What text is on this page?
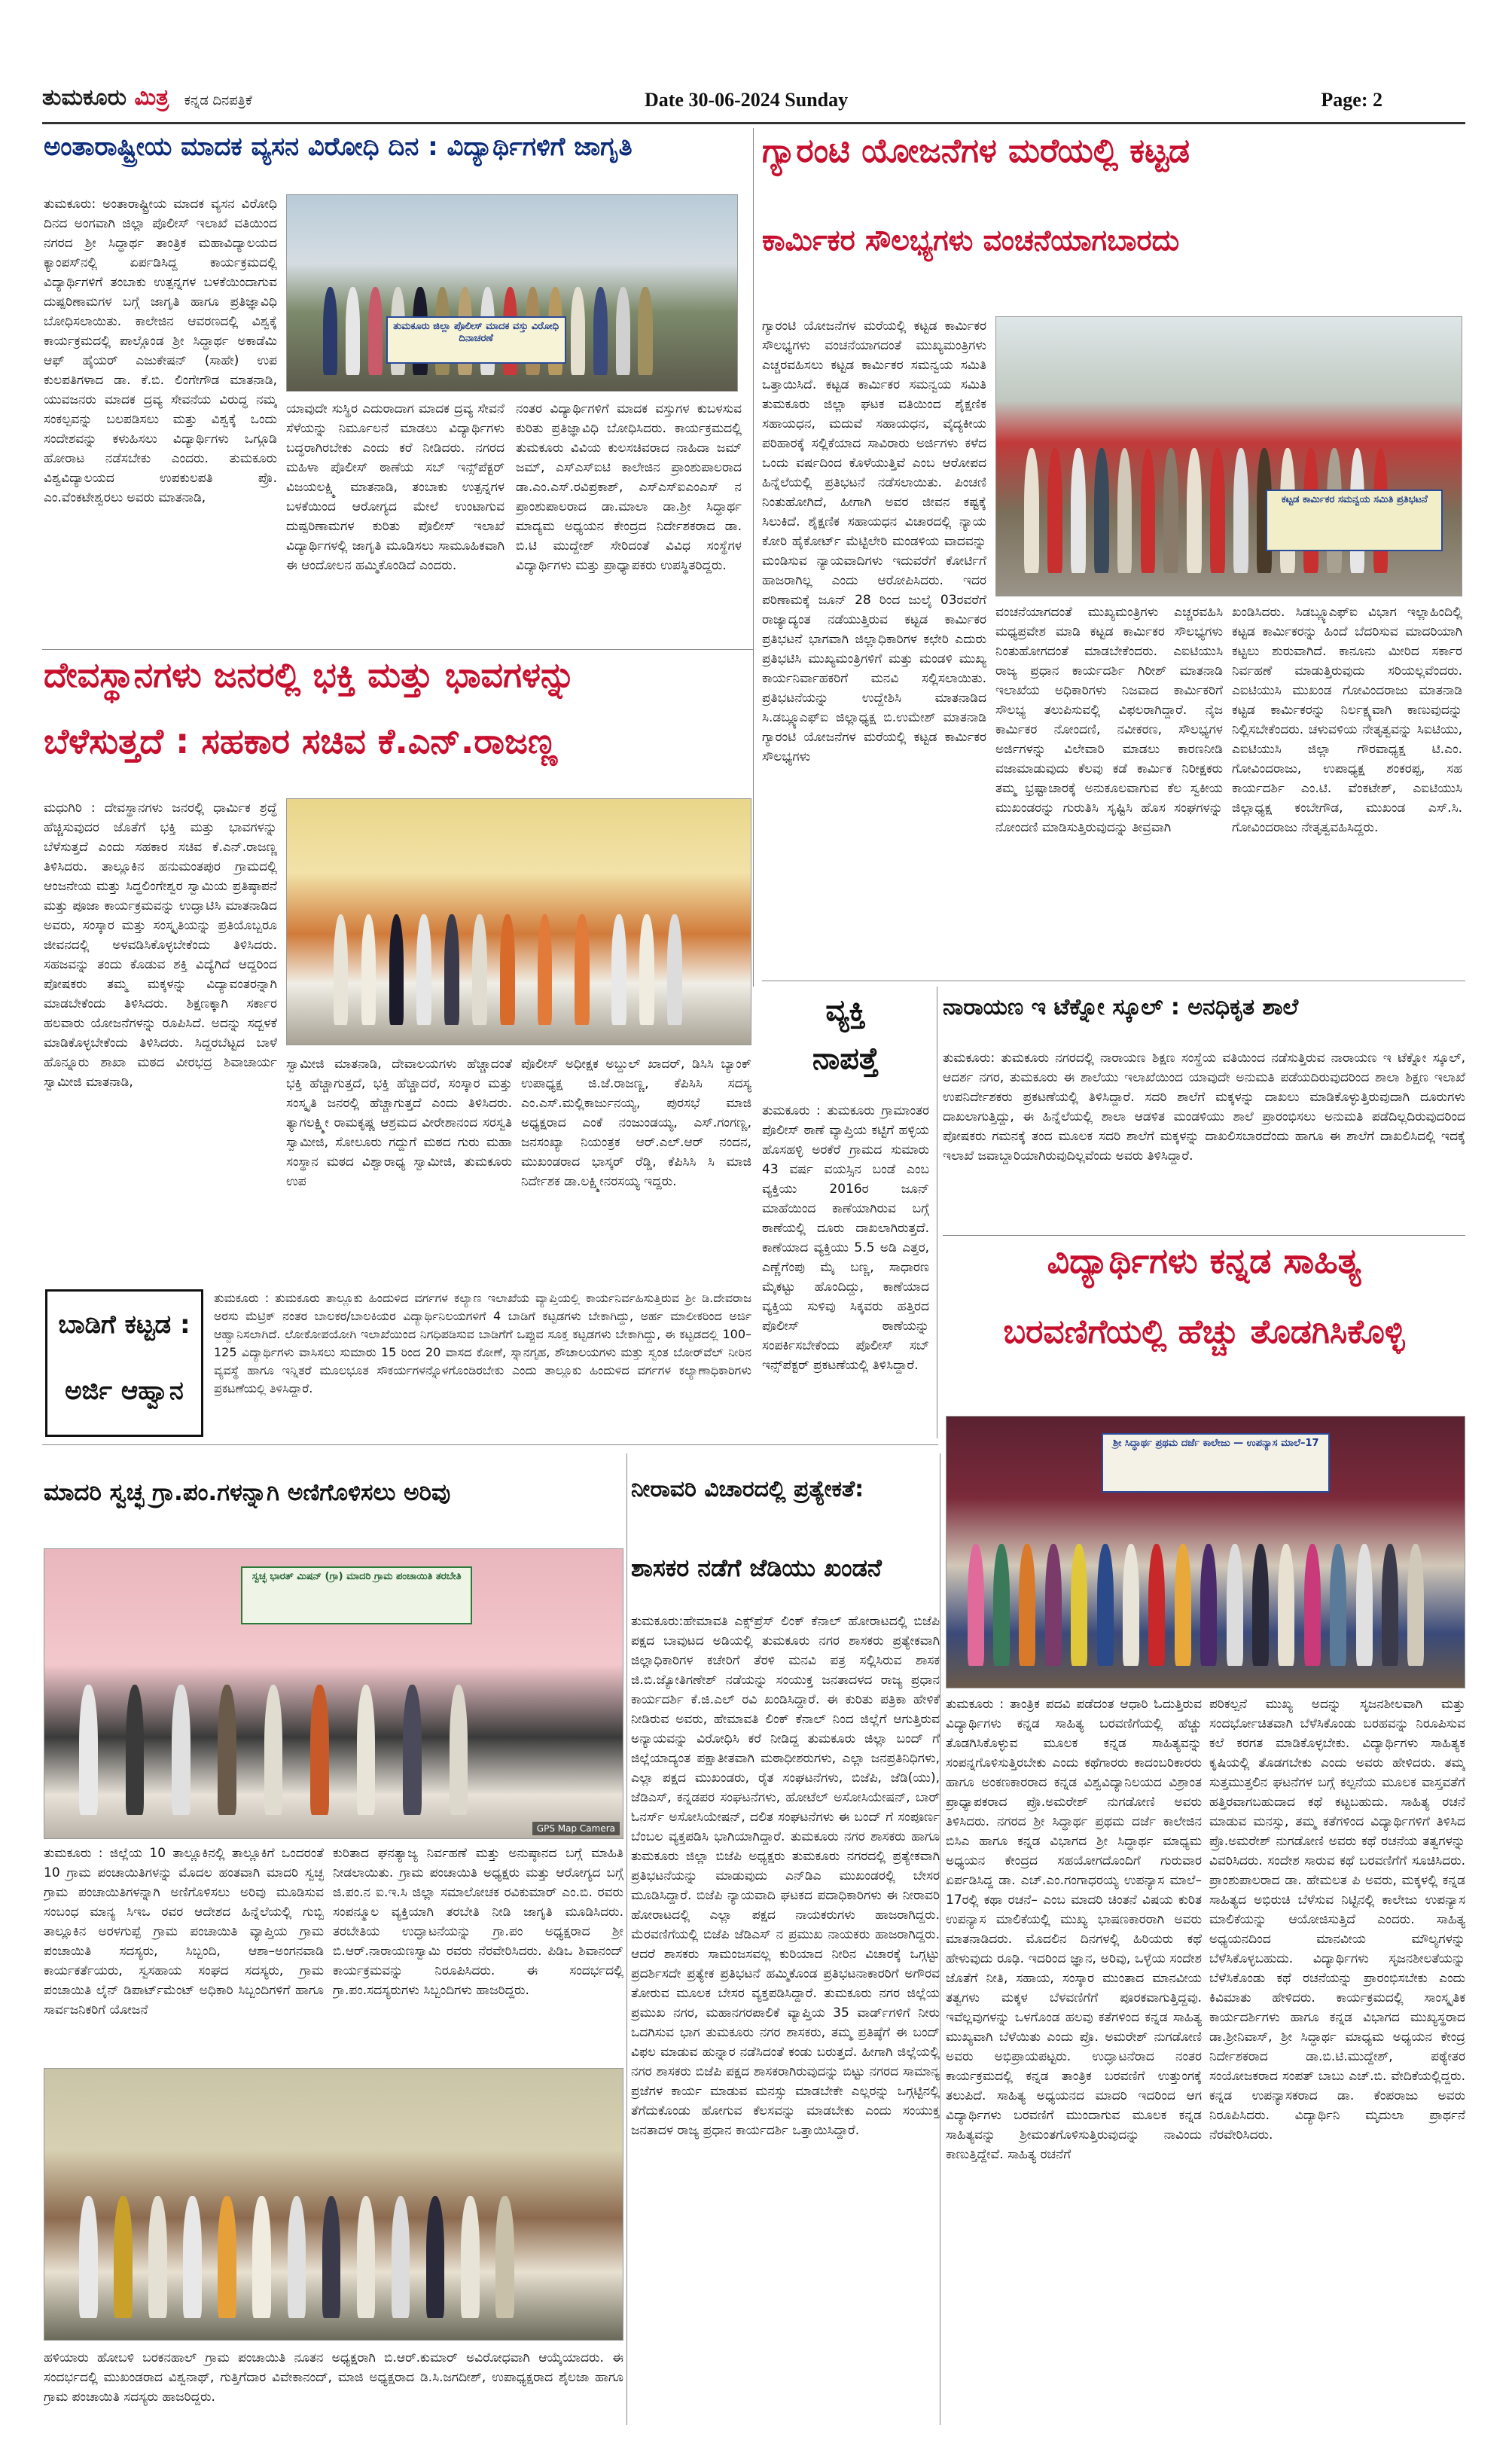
ತುಮಕೂರು ಮಿತ್ರ ಕನ್ನಡ ದಿನಪತ್ರಿಕೆ	Date 30-06-2024 Sunday	Page: 2
ಅಂತಾರಾಷ್ಟ್ರೀಯ ಮಾದಕ ವ್ಯಸನ ವಿರೋಧಿ ದಿನ : ವಿದ್ಯಾರ್ಥಿಗಳಿಗೆ ಜಾಗೃತಿ
ತುಮಕೂರು: ಅಂತಾರಾಷ್ಟ್ರೀಯ ಮಾದಕ ವ್ಯಸನ ವಿರೋಧಿ ದಿನದ ಅಂಗವಾಗಿ ಜಿಲ್ಲಾ ಪೊಲೀಸ್ ಇಲಾಖೆ ವತಿಯಿಂದ ನಗರದ ಶ್ರೀ ಸಿದ್ಧಾರ್ಥ ತಾಂತ್ರಿಕ ಮಹಾವಿದ್ಯಾಲಯದ ಕ್ಯಾಂಪಸ್‌ನಲ್ಲಿ ಏರ್ಪಡಿಸಿದ್ದ ಕಾರ್ಯಕ್ರಮದಲ್ಲಿ ವಿದ್ಯಾರ್ಥಿಗಳಿಗೆ ತಂಬಾಕು ಉತ್ಪನ್ನಗಳ ಬಳಕೆಯಿಂದಾಗುವ ದುಷ್ಪರಿಣಾಮಗಳ ಬಗ್ಗೆ ಜಾಗೃತಿ ಹಾಗೂ ಪ್ರತಿಜ್ಞಾವಿಧಿ ಬೋಧಿಸಲಾಯಿತು. ಕಾಲೇಜಿನ ಆವರಣದಲ್ಲಿ ವಿಶ್ವಕ್ಕೆ ಕಾರ್ಯಕ್ರಮದಲ್ಲಿ ಪಾಲ್ಗೊಂಡ ಶ್ರೀ ಸಿದ್ಧಾರ್ಥ ಅಕಾಡೆಮಿ ಆಫ್ ಹೈಯರ್ ಎಜುಕೇಷನ್ (ಸಾಹೇ) ಉಪ ಕುಲಪತಿಗಳಾದ ಡಾ. ಕೆ.ಬಿ. ಲಿಂಗೇಗೌಡ ಮಾತನಾಡಿ, ಯುವಜನರು ಮಾದಕ ದ್ರವ್ಯ ಸೇವನೆಯ ವಿರುದ್ಧ ನಮ್ಮ ಸಂಕಲ್ಪವನ್ನು ಬಲಪಡಿಸಲು ಮತ್ತು ವಿಶ್ವಕ್ಕೆ ಒಂದು ಸಂದೇಶವನ್ನು ಕಳುಹಿಸಲು ವಿದ್ಯಾರ್ಥಿಗಳು ಒಗ್ಗೂಡಿ ಹೋರಾಟ ನಡೆಸಬೇಕು ಎಂದರು. ತುಮಕೂರು ವಿಶ್ವವಿದ್ಯಾಲಯದ ಉಪಕುಲಪತಿ ಪ್ರೊ. ಎಂ.ವೆಂಕಟೇಶ್ವರಲು ಅವರು ಮಾತನಾಡಿ,
ತುಮಕೂರು ಜಿಲ್ಲಾ ಪೊಲೀಸ್ ಮಾದಕ ವಸ್ತು ವಿರೋಧಿ ದಿನಾಚರಣೆ
ಯಾವುದೇ ಸುಸ್ಥಿರ ಎದುರಾದಾಗ ಮಾದಕ ದ್ರವ್ಯ ಸೇವನೆ ಸೆಳೆಯನ್ನು ನಿರ್ಮೂಲನೆ ಮಾಡಲು ವಿದ್ಯಾರ್ಥಿಗಳು ಬದ್ಧರಾಗಿರಬೇಕು ಎಂದು ಕರೆ ನೀಡಿದರು. ನಗರದ ಮಹಿಳಾ ಪೊಲೀಸ್ ಠಾಣೆಯ ಸಬ್ ಇನ್ಸ್‌ಪೆಕ್ಟರ್ ವಿಜಯಲಕ್ಷ್ಮಿ ಮಾತನಾಡಿ, ತಂಬಾಕು ಉತ್ಪನ್ನಗಳ ಬಳಕೆಯಿಂದ ಆರೋಗ್ಯದ ಮೇಲೆ ಉಂಟಾಗುವ ದುಷ್ಪರಿಣಾಮಗಳ ಕುರಿತು ಪೊಲೀಸ್ ಇಲಾಖೆ ವಿದ್ಯಾರ್ಥಿಗಳಲ್ಲಿ ಜಾಗೃತಿ ಮೂಡಿಸಲು ಸಾಮೂಹಿಕವಾಗಿ ಈ ಆಂದೋಲನ ಹಮ್ಮಿಕೊಂಡಿದೆ ಎಂದರು.
ನಂತರ ವಿದ್ಯಾರ್ಥಿಗಳಿಗೆ ಮಾದಕ ವಸ್ತುಗಳ ಕುಬಳಸುವ ಕುರಿತು ಪ್ರತಿಜ್ಞಾವಿಧಿ ಬೋಧಿಸಿದರು. ಕಾರ್ಯಕ್ರಮದಲ್ಲಿ ತುಮಕೂರು ವಿವಿಯ ಕುಲಸಚಿವರಾದ ನಾಹಿದಾ ಜಮ್ ಜಮ್, ಎಸ್‌ಎಸ್‌ಐಟಿ ಕಾಲೇಜಿನ ಪ್ರಾಂಶುಪಾಲರಾದ ಡಾ.ಎಂ.ಎಸ್.ರವಿಪ್ರಕಾಶ್, ಎಸ್‌ಎಸ್‌ಐಎಂಎಸ್ ನ ಪ್ರಾಂಶುಪಾಲರಾದ ಡಾ.ಮಾಲಾ ಡಾ.ಶ್ರೀ ಸಿದ್ಧಾರ್ಥ ಮಾದ್ಯಮ ಅಧ್ಯಯನ ಕೇಂದ್ರದ ನಿರ್ದೇಶಕರಾದ ಡಾ. ಬಿ.ಟಿ ಮುದ್ದೇಶ್ ಸೇರಿದಂತೆ ವಿವಿಧ ಸಂಸ್ಥೆಗಳ ವಿದ್ಯಾರ್ಥಿಗಳು ಮತ್ತು ಪ್ರಾಧ್ಯಾಪಕರು ಉಪಸ್ಥಿತರಿದ್ದರು.
ಗ್ಯಾರಂಟಿ ಯೋಜನೆಗಳ ಮರೆಯಲ್ಲಿ ಕಟ್ಟಡ
ಕಾರ್ಮಿಕರ ಸೌಲಭ್ಯಗಳು ವಂಚನೆಯಾಗಬಾರದು
ಗ್ಯಾರಂಟಿ ಯೋಜನೆಗಳ ಮರೆಯಲ್ಲಿ ಕಟ್ಟಡ ಕಾರ್ಮಿಕರ ಸೌಲಭ್ಯಗಳು ವಂಚನೆಯಾಗದಂತೆ ಮುಖ್ಯಮಂತ್ರಿಗಳು ಎಚ್ಚರವಹಿಸಲು ಕಟ್ಟಡ ಕಾರ್ಮಿಕರ ಸಮನ್ವಯ ಸಮಿತಿ ಒತ್ತಾಯಿಸಿದೆ. ಕಟ್ಟಡ ಕಾರ್ಮಿಕರ ಸಮನ್ವಯ ಸಮಿತಿ ತುಮಕೂರು ಜಿಲ್ಲಾ ಘಟಕ ವತಿಯಿಂದ ಶೈಕ್ಷಣಿಕ ಸಹಾಯಧನ, ಮದುವೆ ಸಹಾಯಧನ, ವೈದ್ಯಕೀಯ ಪರಿಹಾರಕ್ಕೆ ಸಲ್ಲಿಕೆಯಾದ ಸಾವಿರಾರು ಅರ್ಜಿಗಳು ಕಳೆದ ಒಂದು ವರ್ಷದಿಂದ ಕೊಳೆಯುತ್ತಿವೆ ಎಂಬ ಆರೋಪದ ಹಿನ್ನೆಲೆಯಲ್ಲಿ ಪ್ರತಿಭಟನೆ ನಡೆಸಲಾಯಿತು. ಪಿಂಚಣಿ ನಿಂತುಹೋಗಿದೆ, ಹೀಗಾಗಿ ಅವರ ಜೀವನ ಕಷ್ಟಕ್ಕೆ ಸಿಲುಕಿದೆ. ಶೈಕ್ಷಣಿಕ ಸಹಾಯಧನ ವಿಚಾರದಲ್ಲಿ ನ್ಯಾಯ ಕೋರಿ ಹೈಕೋರ್ಟ್ ಮೆಟ್ಟಿಲೇರಿ ಮಂಡಳಿಯ ವಾದವನ್ನು ಮಂಡಿಸುವ ನ್ಯಾಯವಾದಿಗಳು ಇದುವರೆಗೆ ಕೋರ್ಟಿಗೆ ಹಾಜರಾಗಿಲ್ಲ ಎಂದು ಆರೋಪಿಸಿದರು. ಇದರ ಪರಿಣಾಮಕ್ಕೆ ಜೂನ್ 28 ರಿಂದ ಜುಲೈ 03ರವರೆಗೆ ರಾಜ್ಯಾದ್ಯಂತ ನಡೆಯುತ್ತಿರುವ ಕಟ್ಟಡ ಕಾರ್ಮಿಕರ ಪ್ರತಿಭಟನೆ ಭಾಗವಾಗಿ ಜಿಲ್ಲಾಧಿಕಾರಿಗಳ ಕಛೇರಿ ಎದುರು ಪ್ರತಿಭಟಿಸಿ ಮುಖ್ಯಮಂತ್ರಿಗಳಿಗೆ ಮತ್ತು ಮಂಡಳಿ ಮುಖ್ಯ ಕಾರ್ಯನಿರ್ವಾಹಕರಿಗೆ ಮನವಿ ಸಲ್ಲಿಸಲಾಯಿತು. ಪ್ರತಿಭಟನೆಯನ್ನು ಉದ್ದೇಶಿಸಿ ಮಾತನಾಡಿದ ಸಿ.ಡಬ್ಲ್ಯೂಎಫ್‌ಐ ಜಿಲ್ಲಾಧ್ಯಕ್ಷ ಬಿ.ಉಮೇಶ್ ಮಾತನಾಡಿ ಗ್ಯಾರಂಟಿ ಯೋಜನೆಗಳ ಮರೆಯಲ್ಲಿ ಕಟ್ಟಡ ಕಾರ್ಮಿಕರ ಸೌಲಭ್ಯಗಳು
ಕಟ್ಟಡ ಕಾರ್ಮಿಕರ ಸಮನ್ವಯ ಸಮಿತಿ ಪ್ರತಿಭಟನೆ
ವಂಚನೆಯಾಗದಂತೆ ಮುಖ್ಯಮಂತ್ರಿಗಳು ಎಚ್ಚರವಹಿಸಿ ಮಧ್ಯಪ್ರವೇಶ ಮಾಡಿ ಕಟ್ಟಡ ಕಾರ್ಮಿಕರ ಸೌಲಭ್ಯಗಳು ನಿಂತುಹೋಗದಂತೆ ಮಾಡಬೇಕೆಂದರು. ಎಐಟಿಯುಸಿ ರಾಜ್ಯ ಪ್ರಧಾನ ಕಾರ್ಯದರ್ಶಿ ಗಿರೀಶ್ ಮಾತನಾಡಿ ಇಲಾಖೆಯ ಅಧಿಕಾರಿಗಳು ನಿಜವಾದ ಕಾರ್ಮಿಕರಿಗೆ ಸೌಲಭ್ಯ ತಲುಪಿಸುವಲ್ಲಿ ವಿಫಲರಾಗಿದ್ದಾರೆ. ನೈಜ ಕಾರ್ಮಿಕರ ನೋಂದಣಿ, ನವೀಕರಣ, ಸೌಲಭ್ಯಗಳ ಅರ್ಜಿಗಳನ್ನು ವಿಲೇವಾರಿ ಮಾಡಲು ಕಾರಣನೀಡಿ ವಜಾಮಾಡುವುದು ಕೆಲವು ಕಡೆ ಕಾರ್ಮಿಕ ನಿರೀಕ್ಷಕರು ತಮ್ಮ ಭ್ರಷ್ಟಾಚಾರಕ್ಕೆ ಅನುಕೂಲವಾಗುವ ಕೆಲ ಸ್ವಕೀಯ ಮುಖಂಡರನ್ನು ಗುರುತಿಸಿ ಸೃಷ್ಟಿಸಿ ಹೊಸ ಸಂಘಗಳನ್ನು ನೋಂದಣಿ ಮಾಡಿಸುತ್ತಿರುವುದನ್ನು ತೀವ್ರವಾಗಿ
ಖಂಡಿಸಿದರು. ಸಿಡಬ್ಲ್ಯೂಎಫ್‌ಐ ವಿಭಾಗ ಇಲ್ಲಾಹಿಂದಿಲ್ಲಿ ಕಟ್ಟಡ ಕಾರ್ಮಿಕರನ್ನು ಹಿಂದೆ ಬೆದರಿಸುವ ಮಾದರಿಯಾಗಿ ಕಟ್ಟಲು ಶುರುವಾಗಿದೆ. ಕಾನೂನು ಮೀರಿದ ಸರ್ಕಾರ ನಿರ್ವಹಣೆ ಮಾಡುತ್ತಿರುವುದು ಸರಿಯಲ್ಲವೆಂದರು. ಎಐಟಿಯುಸಿ ಮುಖಂಡ ಗೋವಿಂದರಾಜು ಮಾತನಾಡಿ ಕಟ್ಟಡ ಕಾರ್ಮಿಕರನ್ನು ನಿರ್ಲಕ್ಷ್ಯವಾಗಿ ಕಾಣುವುದನ್ನು ನಿಲ್ಲಿಸಬೇಕೆಂದರು. ಚಳುವಳಿಯ ನೇತೃತ್ವವನ್ನು ಸಿಐಟಿಯು, ಎಐಟಿಯುಸಿ ಜಿಲ್ಲಾ ಗೌರವಾಧ್ಯಕ್ಷ ಟಿ.ಎಂ. ಗೋವಿಂದರಾಜು, ಉಪಾಧ್ಯಕ್ಷ ಶಂಕರಪ್ಪ, ಸಹ ಕಾರ್ಯದರ್ಶಿ ಎಂ.ಟಿ. ವೆಂಕಟೇಶ್, ಎಐಟಿಯುಸಿ ಜಿಲ್ಲಾಧ್ಯಕ್ಷ ಕಂಬೇಗೌಡ, ಮುಖಂಡ ಎಸ್.ಸಿ. ಗೋವಿಂದರಾಜು ನೇತೃತ್ವವಹಿಸಿದ್ದರು.
ದೇವಸ್ಥಾನಗಳು ಜನರಲ್ಲಿ ಭಕ್ತಿ ಮತ್ತು ಭಾವಗಳನ್ನು
ಬೆಳೆಸುತ್ತದೆ : ಸಹಕಾರ ಸಚಿವ ಕೆ.ಎನ್.ರಾಜಣ್ಣ
ಮಧುಗಿರಿ : ದೇವಸ್ಥಾನಗಳು ಜನರಲ್ಲಿ ಧಾರ್ಮಿಕ ಶ್ರದ್ಧೆ ಹೆಚ್ಚಿಸುವುದರ ಜೊತೆಗೆ ಭಕ್ತಿ ಮತ್ತು ಭಾವಗಳನ್ನು ಬೆಳೆಸುತ್ತದೆ ಎಂದು ಸಹಕಾರ ಸಚಿವ ಕೆ.ಎನ್.ರಾಜಣ್ಣ ತಿಳಿಸಿದರು. ತಾಲ್ಲೂಕಿನ ಹನುಮಂತಪುರ ಗ್ರಾಮದಲ್ಲಿ ಆಂಜನೇಯ ಮತ್ತು ಸಿದ್ಧಲಿಂಗೇಶ್ವರ ಸ್ವಾಮಿಯ ಪ್ರತಿಷ್ಠಾಪನೆ ಮತ್ತು ಪೂಜಾ ಕಾರ್ಯಕ್ರಮವನ್ನು ಉದ್ಘಾಟಿಸಿ ಮಾತನಾಡಿದ ಅವರು, ಸಂಸ್ಕಾರ ಮತ್ತು ಸಂಸ್ಕೃತಿಯನ್ನು ಪ್ರತಿಯೊಬ್ಬರೂ ಜೀವನದಲ್ಲಿ ಅಳವಡಿಸಿಕೊಳ್ಳಬೇಕೆಂದು ತಿಳಿಸಿದರು. ಸಹಜವನ್ನು ತಂದು ಕೊಡುವ ಶಕ್ತಿ ವಿದ್ಯೆಗಿದೆ ಆದ್ದರಿಂದ ಪೋಷಕರು ತಮ್ಮ ಮಕ್ಕಳನ್ನು ವಿದ್ಯಾವಂತರನ್ನಾಗಿ ಮಾಡಬೇಕೆಂದು ತಿಳಿಸಿದರು. ಶಿಕ್ಷಣಕ್ಕಾಗಿ ಸರ್ಕಾರ ಹಲವಾರು ಯೋಜನೆಗಳನ್ನು ರೂಪಿಸಿದೆ. ಅದನ್ನು ಸದ್ಬಳಕೆ ಮಾಡಿಕೊಳ್ಳಬೇಕೆಂದು ತಿಳಿಸಿದರು. ಸಿದ್ದರಬೆಟ್ಟದ ಬಾಳೆ ಹೊನ್ನೂರು ಶಾಖಾ ಮಠದ ವೀರಭದ್ರ ಶಿವಾಚಾರ್ಯ ಸ್ವಾಮೀಜಿ ಮಾತನಾಡಿ,
ಸ್ವಾಮೀಜಿ ಮಾತನಾಡಿ, ದೇವಾಲಯಗಳು ಹೆಚ್ಚಾದಂತೆ ಭಕ್ತಿ ಹೆಚ್ಚಾಗುತ್ತದೆ, ಭಕ್ತಿ ಹೆಚ್ಚಾದರೆ, ಸಂಸ್ಕಾರ ಮತ್ತು ಸಂಸ್ಕೃತಿ ಜನರಲ್ಲಿ ಹೆಚ್ಚಾಗುತ್ತದೆ ಎಂದು ತಿಳಿಸಿದರು. ತ್ಯಾಗಲಕ್ಷ್ಮೀ ರಾಮಕೃಷ್ಣ ಆಶ್ರಮದ ವೀರೇಶಾನಂದ ಸರಸ್ವತಿ ಸ್ವಾಮೀಜಿ, ಸೋಲೂರು ಗದ್ದುಗೆ ಮಠದ ಗುರು ಮಹಾ ಸಂಸ್ಥಾನ ಮಠದ ವಿಶ್ವಾರಾಧ್ಯ ಸ್ವಾಮೀಜಿ, ತುಮಕೂರು ಉಪ
ಪೊಲೀಸ್ ಅಧೀಕ್ಷಕ ಅಬ್ದುಲ್ ಖಾದರ್, ಡಿಸಿಸಿ ಬ್ಯಾಂಕ್ ಉಪಾಧ್ಯಕ್ಷ ಜಿ.ಜೆ.ರಾಜಣ್ಣ, ಕೆಪಿಸಿಸಿ ಸದಸ್ಯ ಎಂ.ಎಸ್.ಮಲ್ಲಿಕಾರ್ಜುನಯ್ಯ, ಪುರಸಭೆ ಮಾಜಿ ಅಧ್ಯಕ್ಷರಾದ ಎಂಕೆ ನಂಜುಂಡಯ್ಯ, ಎಸ್.ಗಂಗಣ್ಣ, ಜನಸಂಖ್ಯಾ ನಿಯಂತ್ರಕ ಆರ್.ಎಲ್.ಆರ್ ನಂದನ, ಮುಖಂಡರಾದ ಭಾಸ್ಕರ್ ರೆಡ್ಡಿ, ಕೆಪಿಸಿಸಿ ಸಿ ಮಾಜಿ ನಿರ್ದೇಶಕ ಡಾ.ಲಕ್ಷ್ಮೀನರಸಯ್ಯ ಇದ್ದರು.
ವ್ಯಕ್ತಿ
ನಾಪತ್ತೆ
ತುಮಕೂರು : ತುಮಕೂರು ಗ್ರಾಮಾಂತರ ಪೊಲೀಸ್ ಠಾಣೆ ವ್ಯಾಪ್ತಿಯ ಕಟ್ಟಿಗೆ ಹಳ್ಳಿಯ ಹೊಸಹಳ್ಳಿ ಅರಕೆರೆ ಗ್ರಾಮದ ಸುಮಾರು 43 ವರ್ಷ ವಯಸ್ಸಿನ ಬಂಡೆ ಎಂಬ ವ್ಯಕ್ತಿಯು 2016ರ ಜೂನ್ ಮಾಹೆಯಿಂದ ಕಾಣೆಯಾಗಿರುವ ಬಗ್ಗೆ ಠಾಣೆಯಲ್ಲಿ ದೂರು ದಾಖಲಾಗಿರುತ್ತದೆ. ಕಾಣೆಯಾದ ವ್ಯಕ್ತಿಯು 5.5 ಅಡಿ ಎತ್ತರ, ಎಣ್ಣೆಗೆಂಪು ಮೈ ಬಣ್ಣ, ಸಾಧಾರಣ ಮೈಕಟ್ಟು ಹೊಂದಿದ್ದು, ಕಾಣೆಯಾದ ವ್ಯಕ್ತಿಯ ಸುಳಿವು ಸಿಕ್ಕವರು ಹತ್ತಿರದ ಪೊಲೀಸ್ ಠಾಣೆಯನ್ನು ಸಂಪರ್ಕಿಸಬೇಕೆಂದು ಪೊಲೀಸ್ ಸಬ್ ಇನ್ಸ್‌ಪೆಕ್ಟರ್ ಪ್ರಕಟಣೆಯಲ್ಲಿ ತಿಳಿಸಿದ್ದಾರೆ.
ನಾರಾಯಣ ಇ ಟೆಕ್ನೋ ಸ್ಕೂಲ್ : ಅನಧಿಕೃತ ಶಾಲೆ
ತುಮಕೂರು: ತುಮಕೂರು ನಗರದಲ್ಲಿ ನಾರಾಯಣ ಶಿಕ್ಷಣ ಸಂಸ್ಥೆಯ ವತಿಯಿಂದ ನಡೆಸುತ್ತಿರುವ ನಾರಾಯಣ ಇ ಟೆಕ್ನೋ ಸ್ಕೂಲ್, ಆದರ್ಶ ನಗರ, ತುಮಕೂರು ಈ ಶಾಲೆಯು ಇಲಾಖೆಯಿಂದ ಯಾವುದೇ ಅನುಮತಿ ಪಡೆಯದಿರುವುದರಿಂದ ಶಾಲಾ ಶಿಕ್ಷಣ ಇಲಾಖೆ ಉಪನಿರ್ದೇಶಕರು ಪ್ರಕಟಣೆಯಲ್ಲಿ ತಿಳಿಸಿದ್ದಾರೆ. ಸದರಿ ಶಾಲೆಗೆ ಮಕ್ಕಳನ್ನು ದಾಖಲು ಮಾಡಿಕೊಳ್ಳುತ್ತಿರುವುದಾಗಿ ದೂರುಗಳು ದಾಖಲಾಗುತ್ತಿದ್ದು, ಈ ಹಿನ್ನೆಲೆಯಲ್ಲಿ ಶಾಲಾ ಆಡಳಿತ ಮಂಡಳಿಯು ಶಾಲೆ ಪ್ರಾರಂಭಿಸಲು ಅನುಮತಿ ಪಡೆದಿಲ್ಲದಿರುವುದರಿಂದ ಪೋಷಕರು ಗಮನಕ್ಕೆ ತಂದ ಮೂಲಕ ಸದರಿ ಶಾಲೆಗೆ ಮಕ್ಕಳನ್ನು ದಾಖಲಿಸಬಾರದೆಂದು ಹಾಗೂ ಈ ಶಾಲೆಗೆ ದಾಖಲಿಸಿದಲ್ಲಿ ಇದಕ್ಕೆ ಇಲಾಖೆ ಜವಾಬ್ದಾರಿಯಾಗಿರುವುದಿಲ್ಲವೆಂದು ಅವರು ತಿಳಿಸಿದ್ದಾರೆ.
ವಿದ್ಯಾರ್ಥಿಗಳು ಕನ್ನಡ ಸಾಹಿತ್ಯ
ಬರವಣಿಗೆಯಲ್ಲಿ ಹೆಚ್ಚು ತೊಡಗಿಸಿಕೊಳ್ಳಿ
ಬಾಡಿಗೆ ಕಟ್ಟಡ :
ಅರ್ಜಿ ಆಹ್ವಾನ
ತುಮಕೂರು : ತುಮಕೂರು ತಾಲ್ಲೂಕು ಹಿಂದುಳಿದ ವರ್ಗಗಳ ಕಲ್ಯಾಣ ಇಲಾಖೆಯ ವ್ಯಾಪ್ತಿಯಲ್ಲಿ ಕಾರ್ಯನಿರ್ವಹಿಸುತ್ತಿರುವ ಶ್ರೀ ಡಿ.ದೇವರಾಜ ಅರಸು ಮೆಟ್ರಿಕ್ ನಂತರ ಬಾಲಕರ/ಬಾಲಕಿಯರ ವಿದ್ಯಾರ್ಥಿನಿಲಯಗಳಿಗೆ 4 ಬಾಡಿಗೆ ಕಟ್ಟಡಗಳು ಬೇಕಾಗಿದ್ದು, ಅರ್ಹ ಮಾಲೀಕರಿಂದ ಅರ್ಜಿ ಆಹ್ವಾನಿಸಲಾಗಿದೆ. ಲೋಕೋಪಯೋಗಿ ಇಲಾಖೆಯಿಂದ ನಿಗಧಿಪಡಿಸುವ ಬಾಡಿಗೆಗೆ ಒಪ್ಪುವ ಸೂಕ್ತ ಕಟ್ಟಡಗಳು ಬೇಕಾಗಿದ್ದು, ಈ ಕಟ್ಟಡದಲ್ಲಿ 100–125 ವಿದ್ಯಾರ್ಥಿಗಳು ವಾಸಿಸಲು ಸುಮಾರು 15 ರಿಂದ 20 ವಾಸದ ಕೋಣೆ, ಸ್ನಾನಗೃಹ, ಶೌಚಾಲಯಗಳು ಮತ್ತು ಸ್ವಂತ ಬೋರ್‌ವೆಲ್ ನೀರಿನ ವ್ಯವಸ್ಥೆ ಹಾಗೂ ಇನ್ನಿತರೆ ಮೂಲಭೂತ ಸೌಕರ್ಯಗಳನ್ನೊಳಗೊಂಡಿರಬೇಕು ಎಂದು ತಾಲ್ಲೂಕು ಹಿಂದುಳಿದ ವರ್ಗಗಳ ಕಲ್ಯಾಣಾಧಿಕಾರಿಗಳು ಪ್ರಕಟಣೆಯಲ್ಲಿ ತಿಳಿಸಿದ್ದಾರೆ.
ಮಾದರಿ ಸ್ವಚ್ಛ ಗ್ರಾ.ಪಂ.ಗಳನ್ನಾಗಿ ಅಣಿಗೊಳಿಸಲು ಅರಿವು	ನೀರಾವರಿ ವಿಚಾರದಲ್ಲಿ ಪ್ರತ್ಯೇಕತೆ:
ಶಾಸಕರ ನಡೆಗೆ ಜೆಡಿಯು ಖಂಡನೆ
ಸ್ವಚ್ಛ ಭಾರತ್ ಮಿಷನ್ (ಗ್ರಾ) ಮಾದರಿ ಗ್ರಾಮ ಪಂಚಾಯಿತಿ ತರಬೇತಿ
GPS Map Camera
ತುಮಕೂರು:ಹೇಮಾವತಿ ಎಕ್ಸ್‌ಪ್ರೆಸ್ ಲಿಂಕ್ ಕೆನಾಲ್ ಹೋರಾಟದಲ್ಲಿ ಬಿಜೆಪಿ ಪಕ್ಷದ ಬಾವುಟದ ಅಡಿಯಲ್ಲಿ ತುಮಕೂರು ನಗರ ಶಾಸಕರು ಪ್ರತ್ಯೇಕವಾಗಿ ಜಿಲ್ಲಾಧಿಕಾರಿಗಳ ಕಚೇರಿಗೆ ತೆರಳಿ ಮನವಿ ಪತ್ರ ಸಲ್ಲಿಸಿರುವ ಶಾಸಕ ಜಿ.ಬಿ.ಜ್ಯೋತಿಗಣೇಶ್ ನಡೆಯನ್ನು ಸಂಯುಕ್ತ ಜನತಾದಳದ ರಾಜ್ಯ ಪ್ರಧಾನ ಕಾರ್ಯದರ್ಶಿ ಕೆ.ಜಿ.ಎಲ್ ರವಿ ಖಂಡಿಸಿದ್ದಾರೆ. ಈ ಕುರಿತು ಪತ್ರಿಕಾ ಹೇಳಿಕೆ ನೀಡಿರುವ ಅವರು, ಹೇಮಾವತಿ ಲಿಂಕ್ ಕೆನಾಲ್ ನಿಂದ ಜಿಲ್ಲೆಗೆ ಆಗುತ್ತಿರುವ ಅನ್ಯಾಯವನ್ನು ವಿರೋಧಿಸಿ ಕರೆ ನೀಡಿದ್ದ ತುಮಕೂರು ಜಿಲ್ಲಾ ಬಂದ್ ಗೆ ಜಿಲ್ಲೆಯಾದ್ಯಂತ ಪಕ್ಷಾತೀತವಾಗಿ ಮಠಾಧೀಶರುಗಳು, ಎಲ್ಲಾ ಜನಪ್ರತಿನಿಧಿಗಳು, ಎಲ್ಲಾ ಪಕ್ಷದ ಮುಖಂಡರು, ರೈತ ಸಂಘಟನೆಗಳು, ಬಿಜೆಪಿ, ಜೆಡಿ(ಯು), ಜೆಡಿಎಸ್, ಕನ್ನಡಪರ ಸಂಘಟನೆಗಳು, ಹೋಟೆಲ್ ಅಸೋಸಿಯೇಷನ್, ಬಾರ್ ಓನರ್ಸ್ ಅಸೋಸಿಯೇಷನ್, ದಲಿತ ಸಂಘಟನೆಗಳು ಈ ಬಂದ್ ಗೆ ಸಂಪೂರ್ಣ ಬೆಂಬಲ ವ್ಯಕ್ತಪಡಿಸಿ ಭಾಗಿಯಾಗಿದ್ದಾರೆ. ತುಮಕೂರು ನಗರ ಶಾಸಕರು ಹಾಗೂ ತುಮಕೂರು ಜಿಲ್ಲಾ ಬಿಜೆಪಿ ಅಧ್ಯಕ್ಷರು ತುಮಕೂರು ನಗರದಲ್ಲಿ ಪ್ರತ್ಯೇಕವಾಗಿ ಪ್ರತಿಭಟನೆಯನ್ನು ಮಾಡುವುದು ಎನ್‌ಡಿಎ ಮುಖಂಡರಲ್ಲಿ ಬೇಸರ ಮೂಡಿಸಿದ್ದಾರೆ. ಬಿಜೆಪಿ ನ್ಯಾಯವಾದಿ ಘಟಕದ ಪದಾಧಿಕಾರಿಗಳು ಈ ನೀರಾವರಿ ಹೋರಾಟದಲ್ಲಿ ಎಲ್ಲಾ ಪಕ್ಷದ ನಾಯಕರುಗಳು ಹಾಜರಾಗಿದ್ದರು. ಮೆರವಣಿಗೆಯಲ್ಲಿ ಬಿಜೆಪಿ ಜೆಡಿಎಸ್ ನ ಪ್ರಮುಖ ನಾಯಕರು ಹಾಜರಾಗಿದ್ದರು. ಆದರೆ ಶಾಸಕರು ಸಾಮಂಜಸವಲ್ಲ ಕುರಿಯಾದ ನೀರಿನ ವಿಚಾರಕ್ಕೆ ಒಗ್ಗಟ್ಟು ಪ್ರದರ್ಶಿಸದೇ ಪ್ರತ್ಯೇಕ ಪ್ರತಿಭಟನೆ ಹಮ್ಮಿಕೊಂಡ ಪ್ರತಿಭಟನಾಕಾರರಿಗೆ ಅಗೌರವ ತೋರುವ ಮೂಲಕ ಬೇಸರ ವ್ಯಕ್ತಪಡಿಸಿದ್ದಾರೆ. ತುಮಕೂರು ನಗರ ಜಿಲ್ಲೆಯ ಪ್ರಮುಖ ನಗರ, ಮಹಾನಗರಪಾಲಿಕೆ ವ್ಯಾಪ್ತಿಯ 35 ವಾರ್ಡ್‌ಗಳಿಗೆ ನೀರು ಒದಗಿಸುವ ಭಾಗ ತುಮಕೂರು ನಗರ ಶಾಸಕರು, ತಮ್ಮ ಪ್ರತಿಷ್ಠೆಗೆ ಈ ಬಂದ್ ವಿಫಲ ಮಾಡುವ ಹುನ್ನಾರ ನಡೆಸಿದಂತೆ ಕಂಡು ಬರುತ್ತದೆ. ಹೀಗಾಗಿ ಜಿಲ್ಲೆಯಲ್ಲಿ ನಗರ ಶಾಸಕರು ಬಿಜೆಪಿ ಪಕ್ಷದ ಶಾಸಕರಾಗಿರುವುದನ್ನು ಬಿಟ್ಟು ನಗರದ ಸಾಮಾನ್ಯ ಪ್ರಜೆಗಳ ಕಾರ್ಯ ಮಾಡುವ ಮನಸ್ಸು ಮಾಡಬೇಕೇ ಎಲ್ಲರನ್ನು ಒಗ್ಗಟ್ಟಿನಲ್ಲಿ ತೆಗೆದುಕೊಂಡು ಹೋಗುವ ಕೆಲಸವನ್ನು ಮಾಡಬೇಕು ಎಂದು ಸಂಯುಕ್ತ ಜನತಾದಳ ರಾಜ್ಯ ಪ್ರಧಾನ ಕಾರ್ಯದರ್ಶಿ ಒತ್ತಾಯಿಸಿದ್ದಾರೆ.
ಶ್ರೀ ಸಿದ್ಧಾರ್ಥ ಪ್ರಥಮ ದರ್ಜೆ ಕಾಲೇಜು — ಉಪನ್ಯಾಸ ಮಾಲೆ–17
ತುಮಕೂರು : ತಾಂತ್ರಿಕ ಪದವಿ ಪಡೆದಂತ ಆಧಾರಿ ಓದುತ್ತಿರುವ ವಿದ್ಯಾರ್ಥಿಗಳು ಕನ್ನಡ ಸಾಹಿತ್ಯ ಬರವಣಿಗೆಯಲ್ಲಿ ಹೆಚ್ಚು ತೊಡಗಿಸಿಕೊಳ್ಳುವ ಮೂಲಕ ಕನ್ನಡ ಸಾಹಿತ್ಯವನ್ನು ಸಂಪನ್ನಗೊಳಿಸುತ್ತಿರಬೇಕು ಎಂದು ಕಥೆಗಾರರು ಕಾದಂಬರಿಕಾರರು ಹಾಗೂ ಅಂಕಣಕಾರರಾದ ಕನ್ನಡ ವಿಶ್ವವಿದ್ಯಾನಿಲಯದ ವಿಶ್ರಾಂತ ಪ್ರಾಧ್ಯಾಪಕರಾದ ಪ್ರೊ.ಅಮರೇಶ್ ನುಗಡೋಣಿ ಅವರು ತಿಳಿಸಿದರು. ನಗರದ ಶ್ರೀ ಸಿದ್ಧಾರ್ಥ ಪ್ರಥಮ ದರ್ಜೆ ಕಾಲೇಜಿನ ಬಿಸಿಎ ಹಾಗೂ ಕನ್ನಡ ವಿಭಾಗದ ಶ್ರೀ ಸಿದ್ಧಾರ್ಥ ಮಾಧ್ಯಮ ಅಧ್ಯಯನ ಕೇಂದ್ರದ ಸಹಯೋಗದೊಂದಿಗೆ ಗುರುವಾರ ಏರ್ಪಡಿಸಿದ್ದ ಡಾ. ಎಚ್.ಎಂ.ಗಂಗಾಧರಯ್ಯ ಉಪನ್ಯಾಸ ಮಾಲೆ–17ರಲ್ಲಿ ಕಥಾ ರಚನೆ– ಎಂಬ ಮಾದರಿ ಚಿಂತನೆ ವಿಷಯ ಕುರಿತ ಉಪನ್ಯಾಸ ಮಾಲಿಕೆಯಲ್ಲಿ ಮುಖ್ಯ ಭಾಷಣಕಾರರಾಗಿ ಅವರು ಮಾತನಾಡಿದರು. ಮೊದಲಿನ ದಿನಗಳಲ್ಲಿ ಹಿರಿಯರು ಕಥೆ ಹೇಳುವುದು ರೂಢಿ. ಇದರಿಂದ ಜ್ಞಾನ, ಅರಿವು, ಒಳ್ಳೆಯ ಸಂದೇಶ ಜೊತೆಗೆ ನೀತಿ, ಸಹಾಯ, ಸಂಸ್ಕಾರ ಮುಂತಾದ ಮಾನವೀಯ ತತ್ವಗಳು ಮಕ್ಕಳ ಬೆಳವಣಿಗೆಗೆ ಪೂರಕವಾಗುತ್ತಿದ್ದವು. ಇವೆಲ್ಲವುಗಳನ್ನು ಒಳಗೊಂಡ ಹಲವು ಕತೆಗಳಿಂದ ಕನ್ನಡ ಸಾಹಿತ್ಯ ಮುಖ್ಯವಾಗಿ ಬೆಳೆಯಿತು ಎಂದು ಪ್ರೊ. ಅಮರೇಶ್ ನುಗಡೋಣಿ ಅವರು ಅಭಿಪ್ರಾಯಪಟ್ಟರು. ಉದ್ಘಾಟನೆರಾದ ನಂತರ ಕಾರ್ಯಕ್ರಮದಲ್ಲಿ ಕನ್ನಡ ತಾಂತ್ರಿಕ ಬರವಣಿಗೆ ಉತ್ತುಂಗಕ್ಕೆ ತಲುಪಿದೆ. ಸಾಹಿತ್ಯ ಅಧ್ಯಯನದ ಮಾದರಿ ಇದರಿಂದ ಆಗ ವಿದ್ಯಾರ್ಥಿಗಳು ಬರವಣಿಗೆ ಮುಂದಾಗುವ ಮೂಲಕ ಕನ್ನಡ ಸಾಹಿತ್ಯವನ್ನು ಶ್ರೀಮಂತಗೊಳಿಸುತ್ತಿರುವುದನ್ನು ನಾವಿಂದು ಕಾಣುತ್ತಿದ್ದೇವೆ. ಸಾಹಿತ್ಯ ರಚನೆಗೆ
ಪರಿಕಲ್ಪನೆ ಮುಖ್ಯ ಅದನ್ನು ಸೃಜನಶೀಲವಾಗಿ ಮತ್ತು ಸಂದರ್ಭೋಚಿತವಾಗಿ ಬೆಳೆಸಿಕೊಂಡು ಬರಹವನ್ನು ನಿರೂಪಿಸುವ ಕಲೆ ಕರಗತ ಮಾಡಿಕೊಳ್ಳಬೇಕು. ವಿದ್ಯಾರ್ಥಿಗಳು ಸಾಹಿತ್ಯಕ ಕೃಷಿಯಲ್ಲಿ ತೊಡಗಬೇಕು ಎಂದು ಅವರು ಹೇಳಿದರು. ತಮ್ಮ ಸುತ್ತಮುತ್ತಲಿನ ಘಟನೆಗಳ ಬಗ್ಗೆ ಕಲ್ಪನೆಯ ಮೂಲಕ ವಾಸ್ತವತೆಗೆ ಹತ್ತಿರವಾಗಬಹುದಾದ ಕಥೆ ಕಟ್ಟಬಹುದು. ಸಾಹಿತ್ಯ ರಚನೆ ಮಾಡುವ ಮನಸ್ಸು, ತಮ್ಮ ಕತೆಗಳಿಂದ ವಿದ್ಯಾರ್ಥಿಗಳಿಗೆ ತಿಳಿಸಿದ ಪ್ರೊ.ಅಮರೇಶ್ ನುಗಡೋಣಿ ಅವರು ಕಥೆ ರಚನೆಯ ತತ್ವಗಳನ್ನು ವಿವರಿಸಿದರು. ಸಂದೇಶ ಸಾರುವ ಕಥೆ ಬರವಣಿಗೆಗೆ ಸೂಚಿಸಿದರು. ಪ್ರಾಂಶುಪಾಲರಾದ ಡಾ. ಹೇಮಲತ ಪಿ ಅವರು, ಮಕ್ಕಳಲ್ಲಿ ಕನ್ನಡ ಸಾಹಿತ್ಯದ ಅಭಿರುಚಿ ಬೆಳೆಸುವ ನಿಟ್ಟಿನಲ್ಲಿ ಕಾಲೇಜು ಉಪನ್ಯಾಸ ಮಾಲಿಕೆಯನ್ನು ಆಯೋಜಿಸುತ್ತಿದೆ ಎಂದರು. ಸಾಹಿತ್ಯ ಅಧ್ಯಯನದಿಂದ ಮಾನವೀಯ ಮೌಲ್ಯಗಳನ್ನು ಬೆಳೆಸಿಕೊಳ್ಳಬಹುದು. ವಿದ್ಯಾರ್ಥಿಗಳು ಸೃಜನಶೀಲತೆಯನ್ನು ಬೆಳೆಸಿಕೊಂಡು ಕಥೆ ರಚನೆಯನ್ನು ಪ್ರಾರಂಭಿಸಬೇಕು ಎಂದು ಕಿವಿಮಾತು ಹೇಳಿದರು. ಕಾರ್ಯಕ್ರಮದಲ್ಲಿ ಸಾಂಸ್ಕೃತಿಕ ಕಾರ್ಯದರ್ಶಿಗಳು ಹಾಗೂ ಕನ್ನಡ ವಿಭಾಗದ ಮುಖ್ಯಸ್ಥರಾದ ಡಾ.ಶ್ರೀನಿವಾಸ್, ಶ್ರೀ ಸಿದ್ಧಾರ್ಥ ಮಾಧ್ಯಮ ಅಧ್ಯಯನ ಕೇಂದ್ರ ನಿರ್ದೇಶಕರಾದ ಡಾ.ಬಿ.ಟಿ.ಮುದ್ದೇಶ್, ಪಠ್ಯೇತರ ಸಂಯೋಜಕರಾದ ಸಂಪತ್ ಬಾಬು ಎಚ್.ಬಿ. ವೇದಿಕೆಯಲ್ಲಿದ್ದರು. ಕನ್ನಡ ಉಪನ್ಯಾಸಕರಾದ ಡಾ. ಕೆಂಪರಾಜು ಅವರು ನಿರೂಪಿಸಿದರು. ವಿದ್ಯಾರ್ಥಿನಿ ಮೃದುಲಾ ಪ್ರಾರ್ಥನೆ ನೆರವೇರಿಸಿದರು.
ತುಮಕೂರು : ಜಿಲ್ಲೆಯ 10 ತಾಲ್ಲೂಕಿನಲ್ಲಿ ತಾಲ್ಲೂಕಿಗೆ ಒಂದರಂತೆ 10 ಗ್ರಾಮ ಪಂಚಾಯಿತಿಗಳನ್ನು ಮೊದಲ ಹಂತವಾಗಿ ಮಾದರಿ ಸ್ವಚ್ಛ ಗ್ರಾಮ ಪಂಚಾಯಿತಿಗಳನ್ನಾಗಿ ಅಣಿಗೊಳಿಸಲು ಅರಿವು ಮೂಡಿಸುವ ಸಂಬಂಧ ಮಾನ್ಯ ಸಿಇಒ ರವರ ಆದೇಶದ ಹಿನ್ನೆಲೆಯಲ್ಲಿ ಗುಬ್ಬಿ ತಾಲ್ಲೂಕಿನ ಅರಳಗುಪ್ಪೆ ಗ್ರಾಮ ಪಂಚಾಯಿತಿ ವ್ಯಾಪ್ತಿಯ ಗ್ರಾಮ ಪಂಚಾಯಿತಿ ಸದಸ್ಯರು, ಸಿಬ್ಬಂದಿ, ಆಶಾ–ಅಂಗನವಾಡಿ ಕಾರ್ಯಕರ್ತೆಯರು, ಸ್ವಸಹಾಯ ಸಂಘದ ಸದಸ್ಯರು, ಗ್ರಾಮ ಪಂಚಾಯಿತಿ ಲೈನ್ ಡಿಪಾರ್ಟ್‌ಮೆಂಟ್ ಅಧಿಕಾರಿ ಸಿಬ್ಬಂದಿಗಳಿಗೆ ಹಾಗೂ ಸಾರ್ವಜನಿಕರಿಗೆ ಯೋಜನೆ
ಕುರಿತಾದ ಘನತ್ಯಾಜ್ಯ ನಿರ್ವಹಣೆ ಮತ್ತು ಅನುಷ್ಠಾನದ ಬಗ್ಗೆ ಮಾಹಿತಿ ನೀಡಲಾಯಿತು. ಗ್ರಾಮ ಪಂಚಾಯಿತಿ ಅಧ್ಯಕ್ಷರು ಮತ್ತು ಆರೋಗ್ಯದ ಬಗ್ಗೆ ಜಿ.ಪಂ.ನ ಐ.ಇ.ಸಿ ಜಿಲ್ಲಾ ಸಮಾಲೋಚಕ ರವಿಕುಮಾರ್ ಎಂ.ಬಿ. ರವರು ಸಂಪನ್ಮೂಲ ವ್ಯಕ್ತಿಯಾಗಿ ತರಬೇತಿ ನೀಡಿ ಜಾಗೃತಿ ಮೂಡಿಸಿದರು. ತರಬೇತಿಯ ಉದ್ಘಾಟನೆಯನ್ನು ಗ್ರಾ.ಪಂ ಅಧ್ಯಕ್ಷರಾದ ಶ್ರೀ ಬಿ.ಆರ್.ನಾರಾಯಣಸ್ವಾಮಿ ರವರು ನೆರವೇರಿಸಿದರು. ಪಿಡಿಒ ಶಿವಾನಂದ್ ಕಾರ್ಯಕ್ರಮವನ್ನು ನಿರೂಪಿಸಿದರು. ಈ ಸಂದರ್ಭದಲ್ಲಿ ಗ್ರಾ.ಪಂ.ಸದಸ್ಯರುಗಳು ಸಿಬ್ಬಂದಿಗಳು ಹಾಜರಿದ್ದರು.
ಹಳಿಯಾರು ಹೋಬಳಿ ಬರಕನಹಾಲ್ ಗ್ರಾಮ ಪಂಚಾಯಿತಿ ನೂತನ ಅಧ್ಯಕ್ಷರಾಗಿ ಬಿ.ಆರ್.ಕುಮಾರ್ ಅವಿರೋಧವಾಗಿ ಆಯ್ಕೆಯಾದರು. ಈ ಸಂದರ್ಭದಲ್ಲಿ ಮುಖಂಡರಾದ ವಿಶ್ವನಾಥ್, ಗುತ್ತಿಗೆದಾರ ವಿವೇಕಾನಂದ್, ಮಾಜಿ ಅಧ್ಯಕ್ಷರಾದ ಡಿ.ಸಿ.ಜಗದೀಶ್, ಉಪಾಧ್ಯಕ್ಷರಾದ ಶೈಲಜಾ ಹಾಗೂ ಗ್ರಾಮ ಪಂಚಾಯಿತಿ ಸದಸ್ಯರು ಹಾಜರಿದ್ದರು.
